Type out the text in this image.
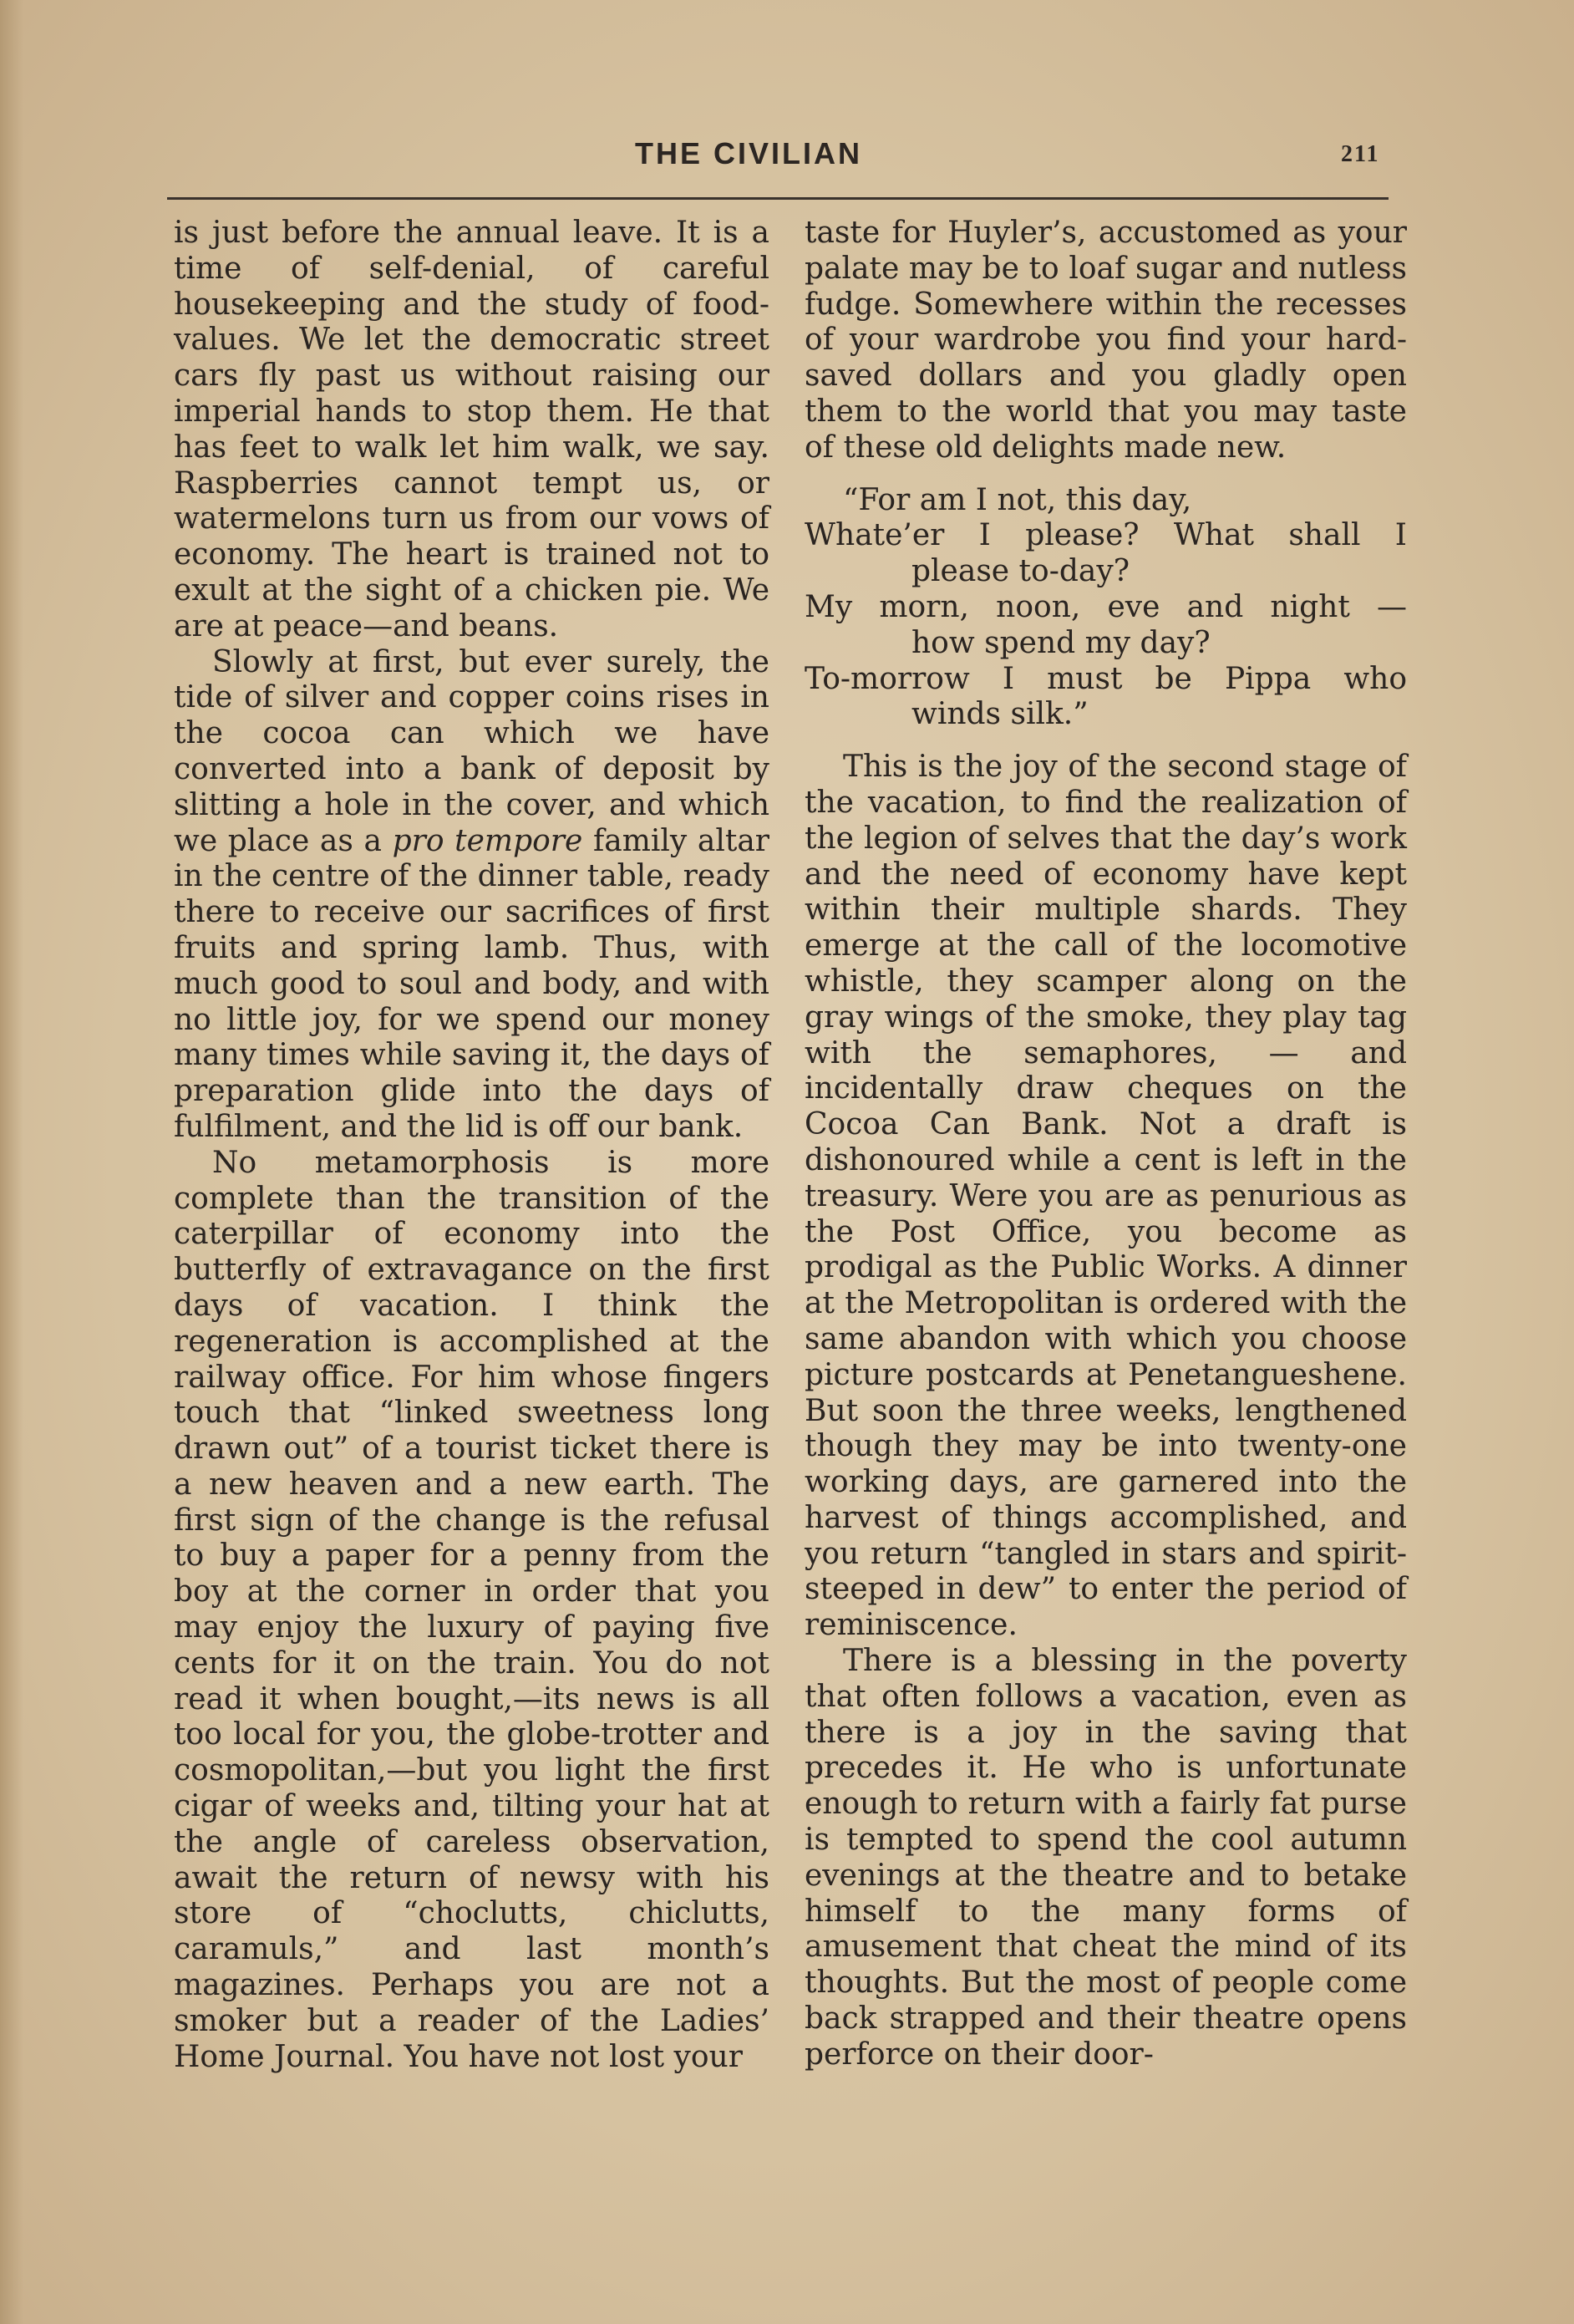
THE CIVILIAN	211

is just before the annual leave. It is a time of self-denial, of careful housekeeping and the study of food-values. We let the democratic street cars fly past us without raising our imperial hands to stop them. He that has feet to walk let him walk, we say. Raspberries cannot tempt us, or watermelons turn us from our vows of economy. The heart is trained not to exult at the sight of a chicken pie. We are at peace—and beans.

Slowly at first, but ever surely, the tide of silver and copper coins rises in the cocoa can which we have converted into a bank of deposit by slitting a hole in the cover, and which we place as a pro tempore family altar in the centre of the dinner table, ready there to receive our sacrifices of first fruits and spring lamb. Thus, with much good to soul and body, and with no little joy, for we spend our money many times while saving it, the days of preparation glide into the days of fulfilment, and the lid is off our bank.

No metamorphosis is more complete than the transition of the caterpillar of economy into the butterfly of extravagance on the first days of vacation. I think the regeneration is accomplished at the railway office. For him whose fingers touch that “linked sweetness long drawn out” of a tourist ticket there is a new heaven and a new earth. The first sign of the change is the refusal to buy a paper for a penny from the boy at the corner in order that you may enjoy the luxury of paying five cents for it on the train. You do not read it when bought,—its news is all too local for you, the globe-trotter and cosmopolitan,—but you light the first cigar of weeks and, tilting your hat at the angle of careless observation, await the return of newsy with his store of “choclutts, chiclutts, caramuls,” and last month’s magazines. Perhaps you are not a smoker but a reader of the Ladies’ Home Journal. You have not lost your

taste for Huyler’s, accustomed as your palate may be to loaf sugar and nutless fudge. Somewhere within the recesses of your wardrobe you find your hard-saved dollars and you gladly open them to the world that you may taste of these old delights made new.

“For am I not, this day,
Whate’er I please? What shall I
please to-day?
My morn, noon, eve and night —
how spend my day?
To-morrow I must be Pippa who
winds silk.”

This is the joy of the second stage of the vacation, to find the realization of the legion of selves that the day’s work and the need of economy have kept within their multiple shards. They emerge at the call of the locomotive whistle, they scamper along on the gray wings of the smoke, they play tag with the semaphores, — and incidentally draw cheques on the Cocoa Can Bank. Not a draft is dishonoured while a cent is left in the treasury. Were you are as penurious as the Post Office, you become as prodigal as the Public Works. A dinner at the Metropolitan is ordered with the same abandon with which you choose picture postcards at Penetangueshene. But soon the three weeks, lengthened though they may be into twenty-one working days, are garnered into the harvest of things accomplished, and you return “tangled in stars and spirit-steeped in dew” to enter the period of reminiscence.

There is a blessing in the poverty that often follows a vacation, even as there is a joy in the saving that precedes it. He who is unfortunate enough to return with a fairly fat purse is tempted to spend the cool autumn evenings at the theatre and to betake himself to the many forms of amusement that cheat the mind of its thoughts. But the most of people come back strapped and their theatre opens perforce on their door-
